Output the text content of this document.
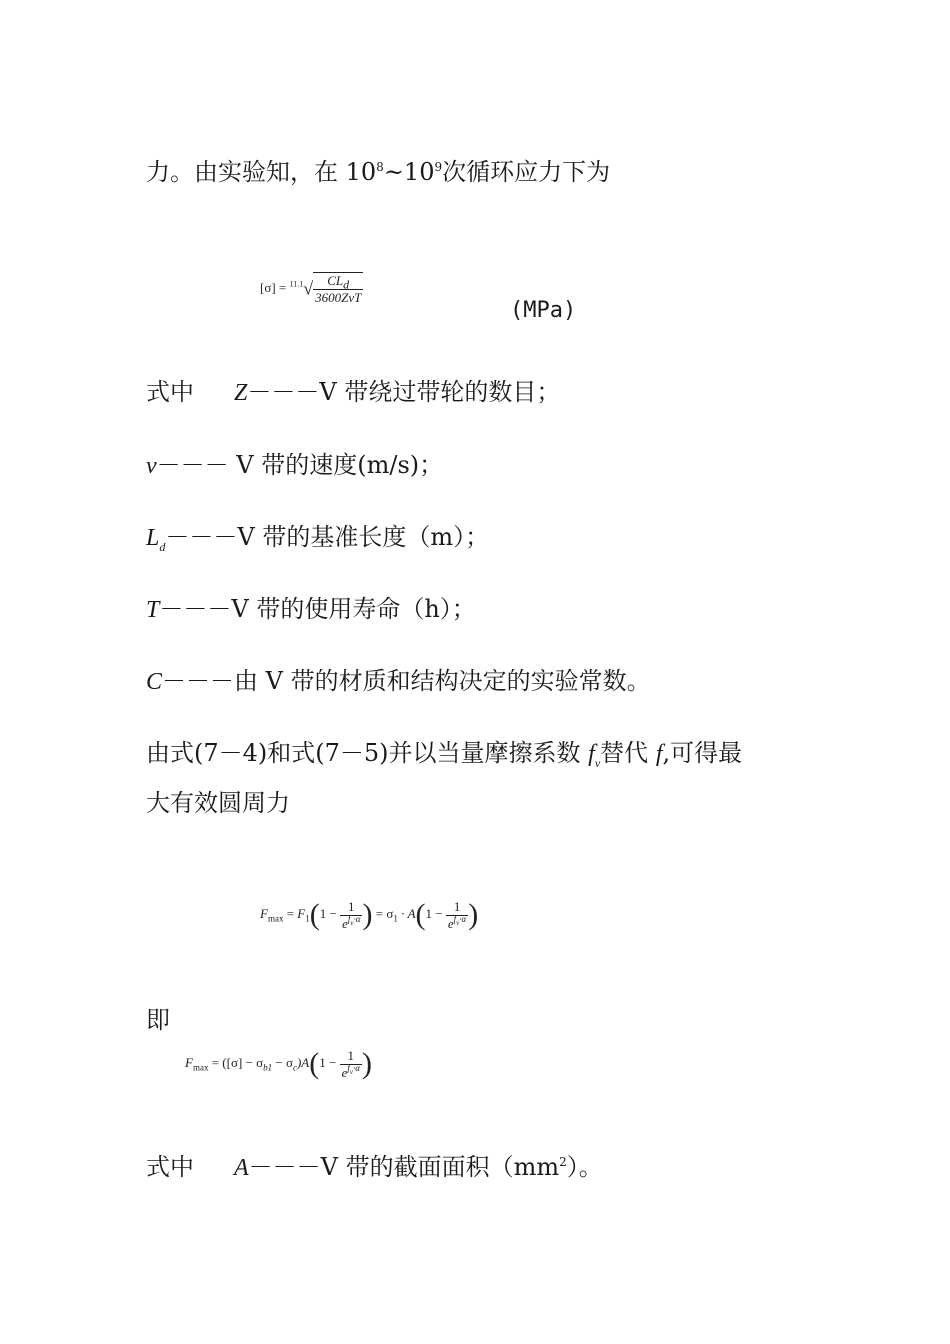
力。由实验知，在 $10^8\sim 10^9$次循环应力下为
$[\sigma] = ^{11.1}√ \frac{CL_d}{\text{3600ZvT}}$
(MPa)
式中 Z－－－V 带绕过带轮的数目；
v－－－ V 带的速度(m/s)；
$L_d---V$ 带的基准长度（m）；
T－－－V 带的使用寿命（h）；
C－－－由 V 带的材质和结构决定的实验常数。
由式(7－4)和式(7－5)并以当量摩擦系数 $f_v$替代 f,可得最
大有效圆周力
$F_{max} = F_1(1 - \frac{1}{e^{f_v\cdot\alpha}}$ ) = $\sigma_1 \cdot A(1 - \frac{1}{e^{f_v\cdot\alpha}}$ )
即
$F_{max} = ([\sigma] - \sigma_{b1} - \sigma_c)A(1 - \frac{1}{e^{f_v\cdot\alpha}}$ )
式中 A－－－V 带的截面面积$(mm^2)$。
